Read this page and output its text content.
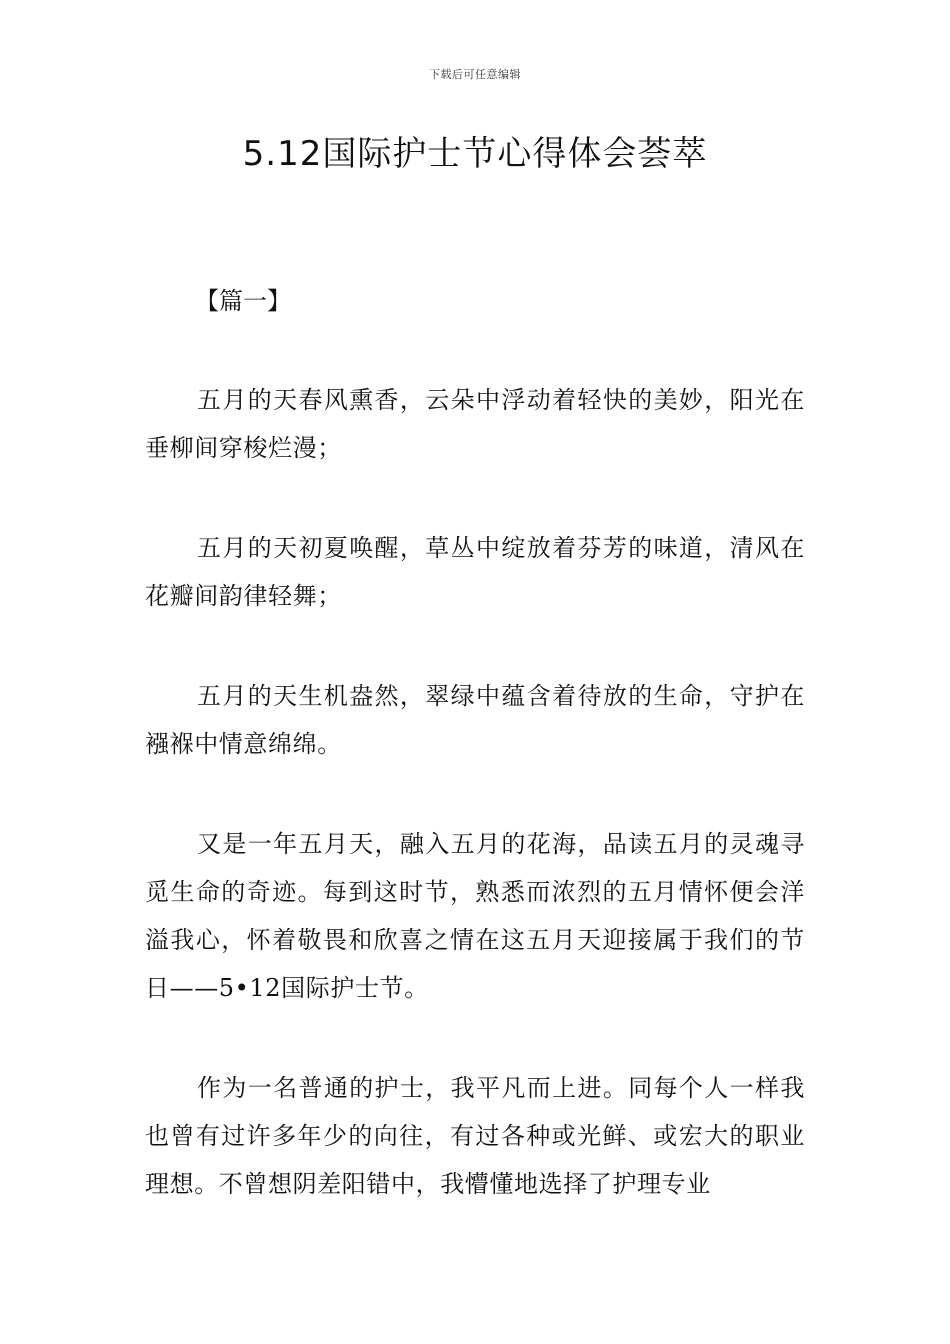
下载后可任意编辑
5.12国际护士节心得体会荟萃
【篇一】

五月的天春风熏香，云朵中浮动着轻快的美妙，阳光在垂柳间穿梭烂漫；

五月的天初夏唤醒，草丛中绽放着芬芳的味道，清风在花瓣间韵律轻舞；

五月的天生机盎然，翠绿中蕴含着待放的生命，守护在襁褓中情意绵绵。

又是一年五月天，融入五月的花海，品读五月的灵魂寻觅生命的奇迹。每到这时节，熟悉而浓烈的五月情怀便会洋溢我心，怀着敬畏和欣喜之情在这五月天迎接属于我们的节日——5•12国际护士节。

作为一名普通的护士，我平凡而上进。同每个人一样我也曾有过许多年少的向往，有过各种或光鲜、或宏大的职业理想。不曾想阴差阳错中，我懵懂地选择了护理专业
